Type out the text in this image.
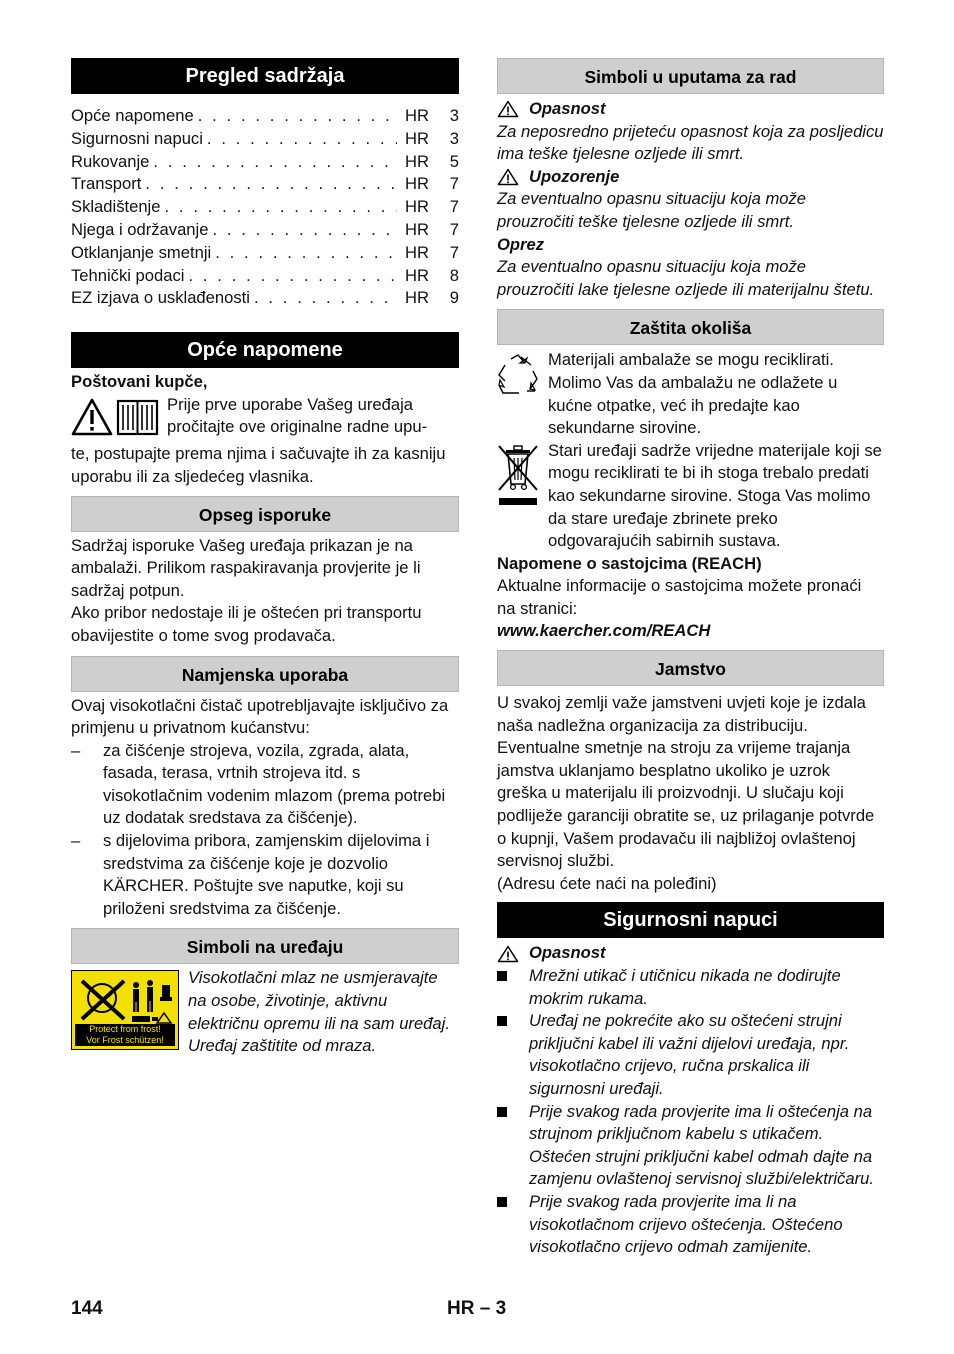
Pregled sadržaja
Opće napomene . . .	HR	3
Sigurnosni napuci . . .	HR	3
Rukovanje . . .	HR	5
Transport . . .	HR	7
Skladištenje . . .	HR	7
Njega i održavanje . . .	HR	7
Otklanjanje smetnji . . .	HR	7
Tehnički podaci . . .	HR	8
EZ izjava o usklađenosti . . .	HR	9
Opće napomene

Poštovani kupče,

Prije prve uporabe Vašeg uređaja pročitajte ove originalne radne upu-

te, postupajte prema njima i sačuvajte ih za kasniju uporabu ili za sljedećeg vlasnika.

Opseg isporuke

Sadržaj isporuke Vašeg uređaja prikazan je na ambalaži. Prilikom raspakiravanja provjerite je li sadržaj potpun.

Ako pribor nedostaje ili je oštećen pri transportu obavijestite o tome svog prodavača.

Namjenska uporaba

Ovaj visokotlačni čistač upotrebljavajte isključivo za primjenu u privatnom kućanstvu:

–	za čišćenje strojeva, vozila, zgrada, alata, fasada, terasa, vrtnih strojeva itd. s visokotlačnim vodenim mlazom (prema potrebi uz dodatak sredstava za čišćenje).
–	s dijelovima pribora, zamjenskim dijelovima i sredstvima za čišćenje koje je dozvolio KÄRCHER. Poštujte sve naputke, koji su priloženi sredstvima za čišćenje.
Simboli na uređaju
Protect from frost!
Vor Frost schützen!

Visokotlačni mlaz ne usmjeravajte na osobe, životinje, aktivnu električnu opremu ili na sam uređaj. Uređaj zaštitite od mraza.

Simboli u uputama za rad
Opasnost

Za neposredno prijeteću opasnost koja za posljedicu ima teške tjelesne ozljede ili smrt.

Upozorenje

Za eventualno opasnu situaciju koja može prouzročiti teške tjelesne ozljede ili smrt.

Oprez

Za eventualno opasnu situaciju koja može prouzročiti lake tjelesne ozljede ili materijalnu štetu.

Zaštita okoliša

Materijali ambalaže se mogu reciklirati. Molimo Vas da ambalažu ne odlažete u kućne otpatke, već ih predajte kao sekundarne sirovine.

Stari uređaji sadrže vrijedne materijale koji se mogu reciklirati te bi ih stoga trebalo predati kao sekundarne sirovine. Stoga Vas molimo da stare uređaje zbrinete preko odgovarajućih sabirnih sustava.

Napomene o sastojcima (REACH)

Aktualne informacije o sastojcima možete pronaći na stranici:

www.kaercher.com/REACH

Jamstvo

U svakoj zemlji važe jamstveni uvjeti koje je izdala naša nadležna organizacija za distribuciju. Eventualne smetnje na stroju za vrijeme trajanja jamstva uklanjamo besplatno ukoliko je uzrok greška u materijalu ili proizvodnji. U slučaju koji podliježe garanciji obratite se, uz prilaganje potvrde o kupnji, Vašem prodavaču ili najbližoj ovlaštenoj servisnoj službi.

(Adresu ćete naći na poleđini)

Sigurnosni napuci
Opasnost
Mrežni utikač i utičnicu nikada ne dodirujte mokrim rukama.
Uređaj ne pokrećite ako su oštećeni strujni priključni kabel ili važni dijelovi uređaja, npr. visokotlačno crijevo, ručna prskalica ili sigurnosni uređaji.
Prije svakog rada provjerite ima li oštećenja na strujnom priključnom kabelu s utikačem. Oštećen strujni priključni kabel odmah dajte na zamjenu ovlaštenoj servisnoj službi/električaru.
Prije svakog rada provjerite ima li na visokotlačnom crijevo oštećenja. Oštećeno visokotlačno crijevo odmah zamijenite.
144	HR – 3
